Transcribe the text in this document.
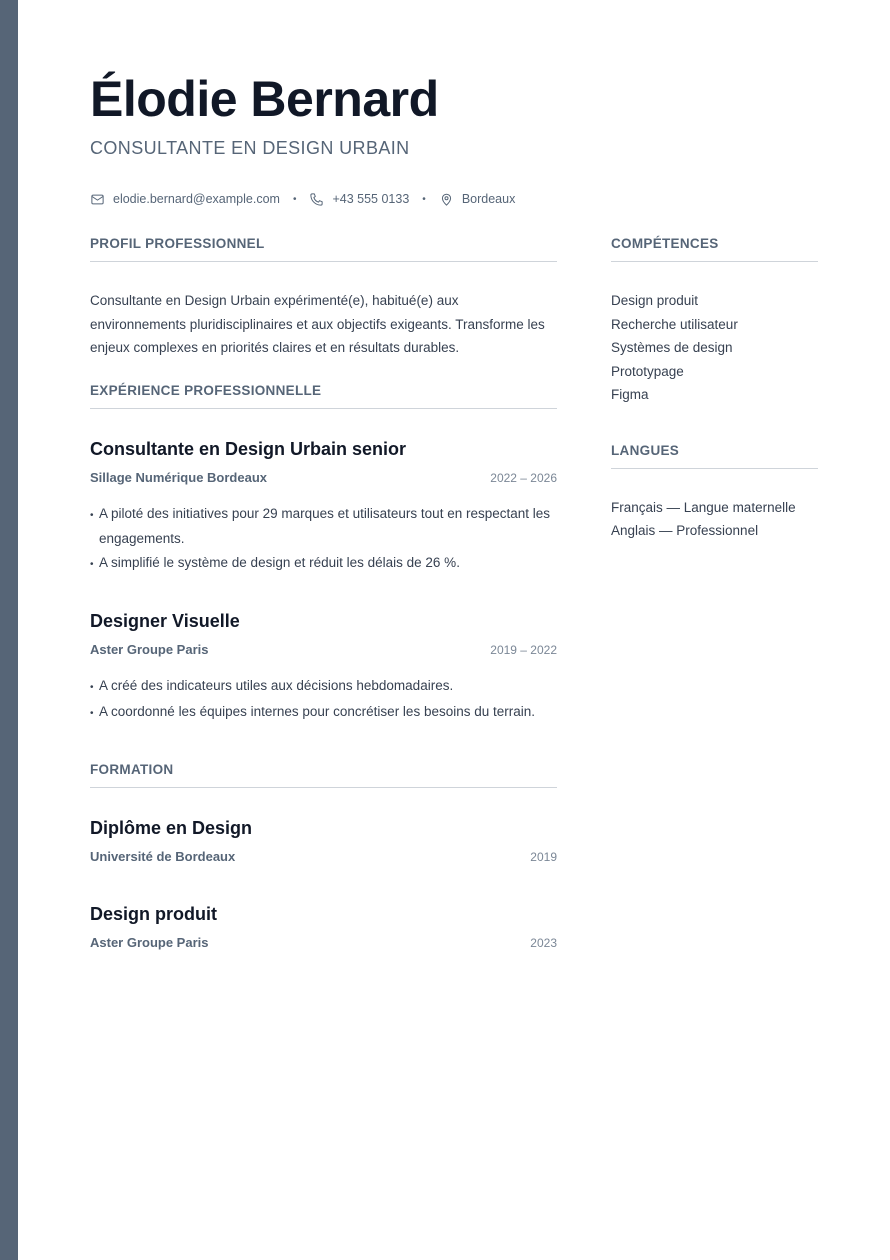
Élodie Bernard
CONSULTANTE EN DESIGN URBAIN
elodie.bernard@example.com •	+43 555 0133 •	Bordeaux
PROFIL PROFESSIONNEL

Consultante en Design Urbain expérimenté(e), habitué(e) aux environnements pluridisciplinaires et aux objectifs exigeants. Transforme les enjeux complexes en priorités claires et en résultats durables.

EXPÉRIENCE PROFESSIONNELLE
Consultante en Design Urbain senior
Sillage Numérique Bordeaux	2022 – 2026
• A piloté des initiatives pour 29 marques et utilisateurs tout en respectant les engagements.
• A simplifié le système de design et réduit les délais de 26 %.
Designer Visuelle
Aster Groupe Paris	2019 – 2022
• A créé des indicateurs utiles aux décisions hebdomadaires.
• A coordonné les équipes internes pour concrétiser les besoins du terrain.
FORMATION
Diplôme en Design
Université de Bordeaux	2019
Design produit
Aster Groupe Paris	2023
COMPÉTENCES
Design produit
Recherche utilisateur
Systèmes de design
Prototypage
Figma
LANGUES
Français — Langue maternelle
Anglais — Professionnel
